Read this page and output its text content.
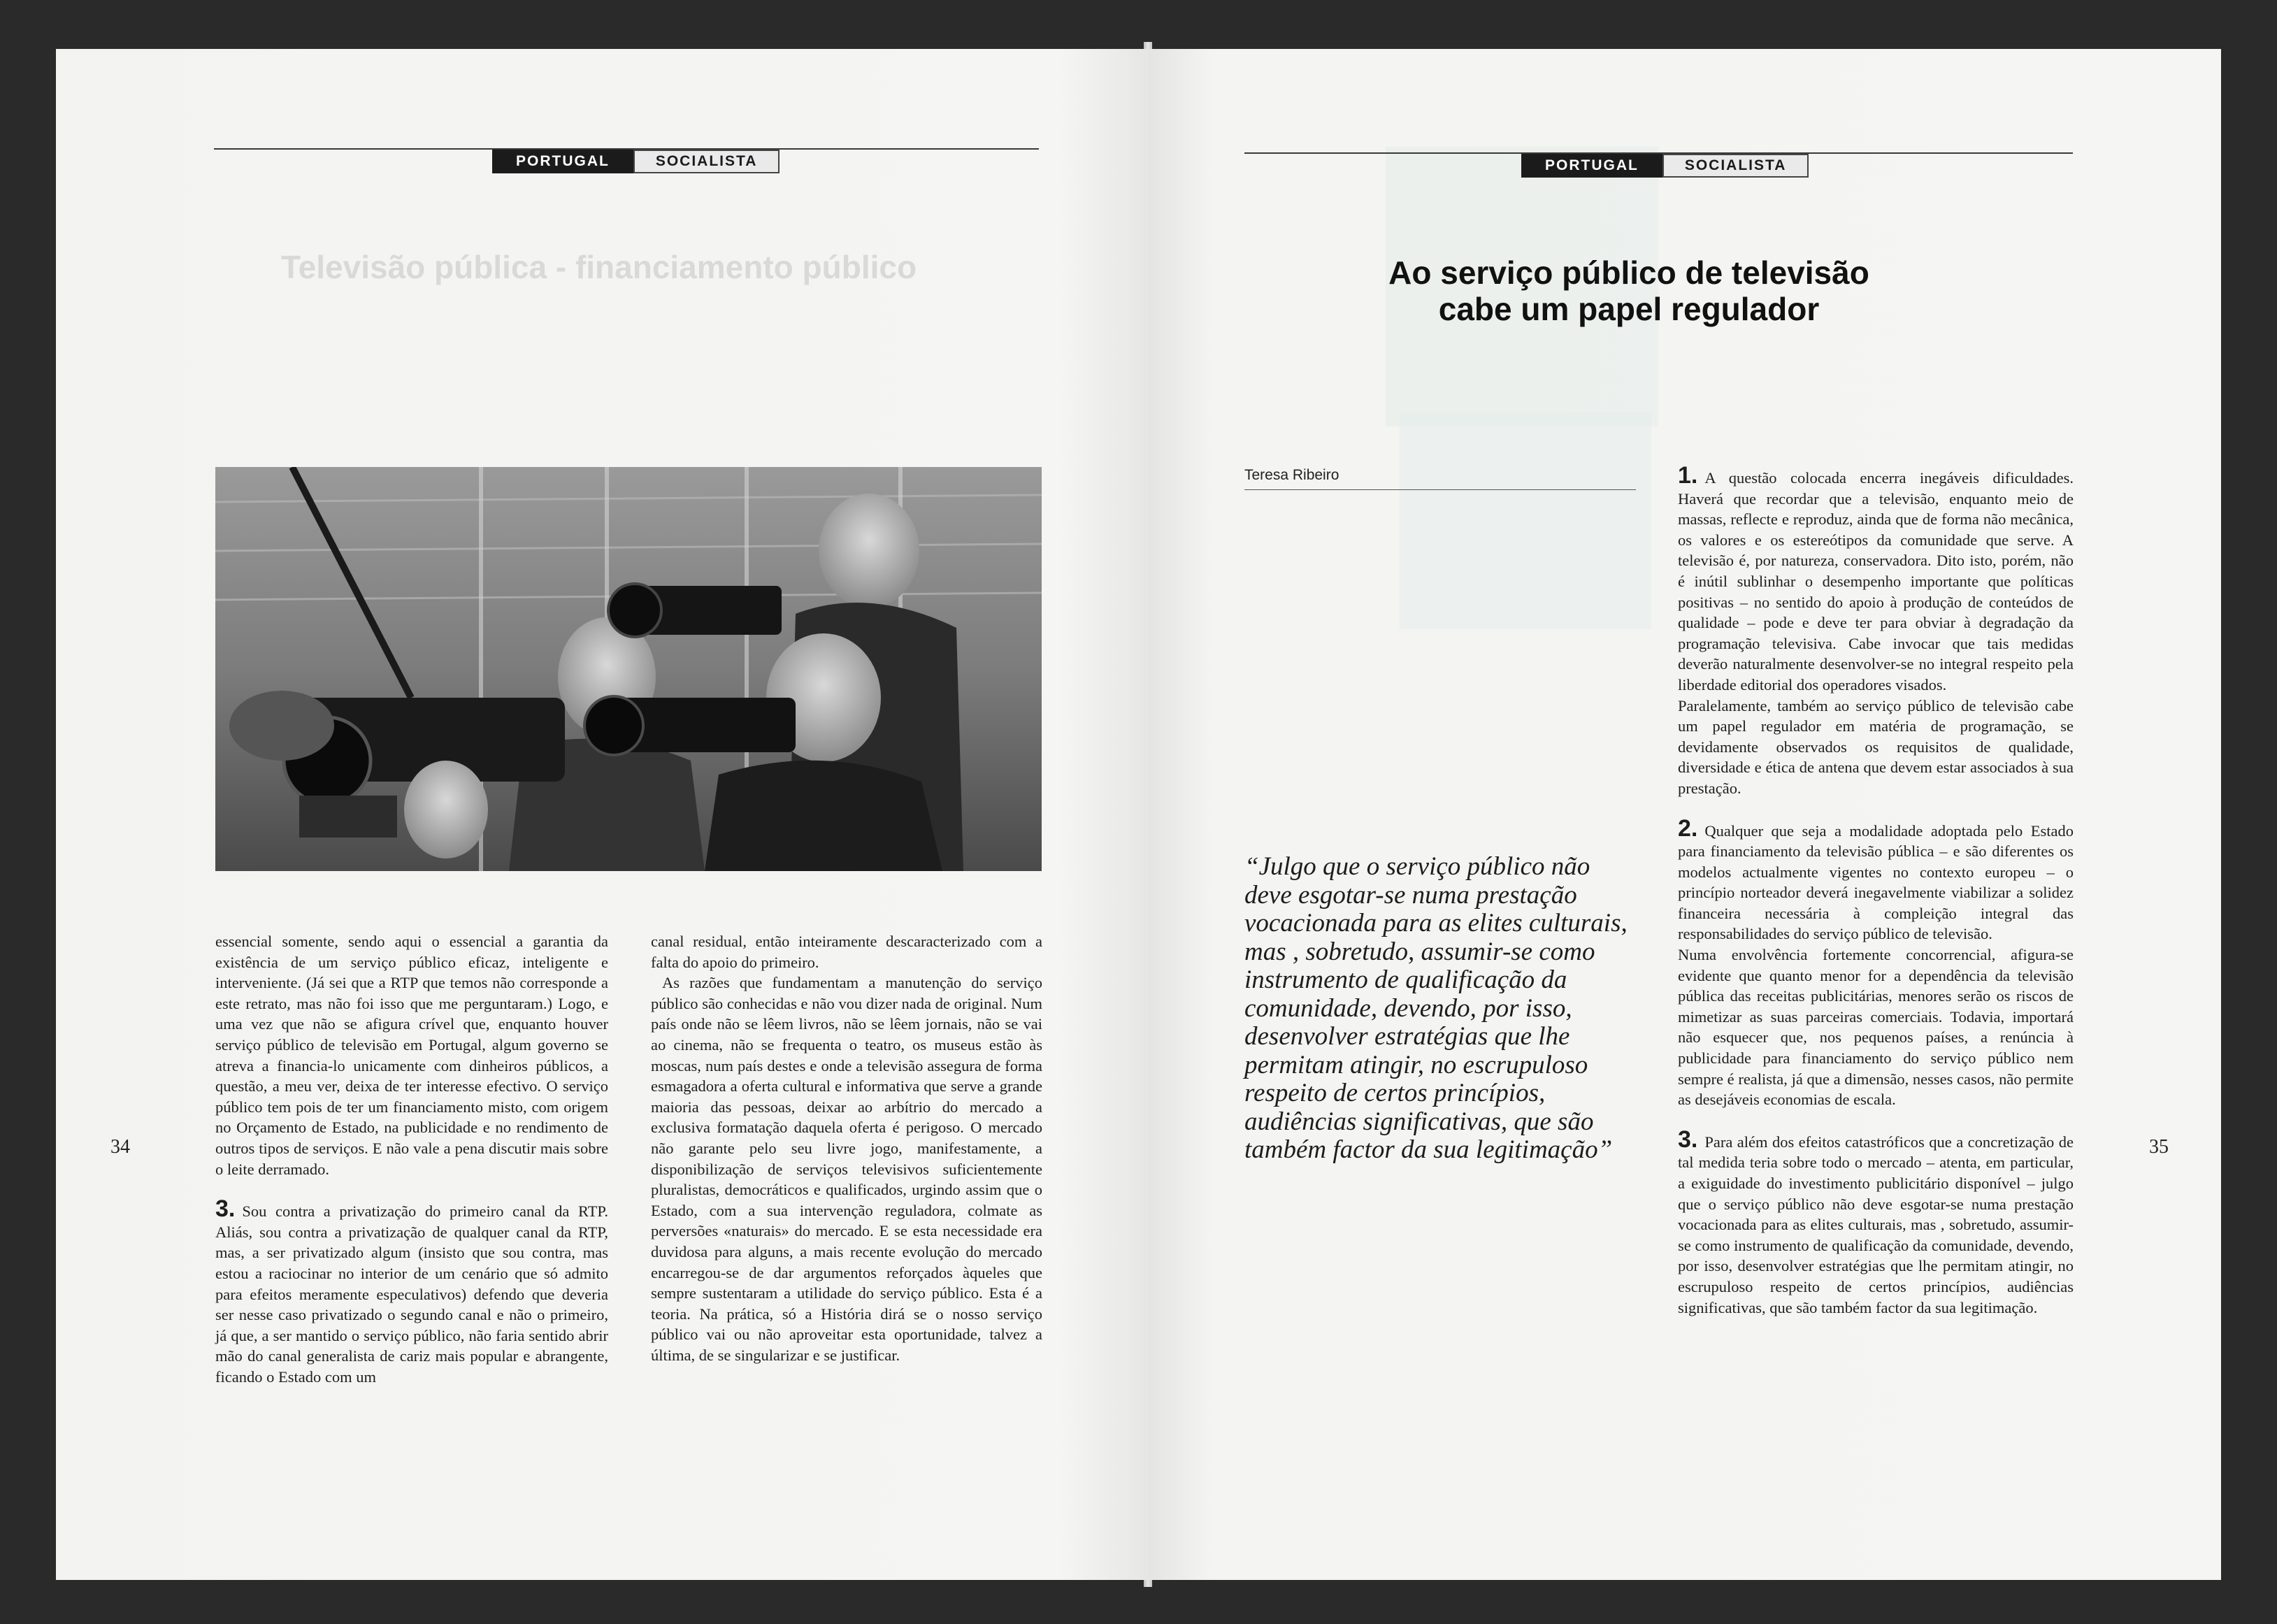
PORTUGAL	SOCIALISTA
Televisão pública - financiamento público

essencial somente, sendo aqui o essencial a garantia da existência de um serviço público eficaz, inteligente e interveniente. (Já sei que a RTP que temos não corresponde a este retrato, mas não foi isso que me perguntaram.) Logo, e uma vez que não se afigura crível que, enquanto houver serviço público de televisão em Portugal, algum governo se atreva a financia-lo unicamente com dinheiros públicos, a questão, a meu ver, deixa de ter interesse efectivo. O serviço público tem pois de ter um financiamento misto, com origem no Orçamento de Estado, na publicidade e no rendimento de outros tipos de serviços. E não vale a pena discutir mais sobre o leite derramado.

3. Sou contra a privatização do primeiro canal da RTP. Aliás, sou contra a privatização de qualquer canal da RTP, mas, a ser privatizado algum (insisto que sou contra, mas estou a raciocinar no interior de um cenário que só admito para efeitos meramente especulativos) defendo que deveria ser nesse caso privatizado o segundo canal e não o primeiro, já que, a ser mantido o serviço público, não faria sentido abrir mão do canal generalista de cariz mais popular e abrangente, ficando o Estado com um

canal residual, então inteiramente descaracterizado com a falta do apoio do primeiro.

As razões que fundamentam a manutenção do serviço público são conhecidas e não vou dizer nada de original. Num país onde não se lêem livros, não se lêem jornais, não se vai ao cinema, não se frequenta o teatro, os museus estão às moscas, num país destes e onde a televisão assegura de forma esmagadora a oferta cultural e informativa que serve a grande maioria das pessoas, deixar ao arbítrio do mercado a exclusiva formatação daquela oferta é perigoso. O mercado não garante pelo seu livre jogo, manifestamente, a disponibilização de serviços televisivos suficientemente pluralistas, democráticos e qualificados, urgindo assim que o Estado, com a sua intervenção reguladora, colmate as perversões «naturais» do mercado. E se esta necessidade era duvidosa para alguns, a mais recente evolução do mercado encarregou-se de dar argumentos reforçados àqueles que sempre sustentaram a utilidade do serviço público. Esta é a teoria. Na prática, só a História dirá se o nosso serviço público vai ou não aproveitar esta oportunidade, talvez a última, de se singularizar e se justificar.

34
PORTUGAL	SOCIALISTA
Ao serviço público de televisão
cabe um papel regulador
Teresa Ribeiro
“Julgo que o serviço público não deve esgotar-se numa prestação vocacionada para as elites culturais, mas , sobretudo, assumir-se como instrumento de qualificação da comunidade, devendo, por isso, desenvolver estratégias que lhe permitam atingir, no escrupuloso respeito de certos princípios, audiências significativas, que são também factor da sua legitimação”

1. A questão colocada encerra inegáveis dificuldades. Haverá que recordar que a televisão, enquanto meio de massas, reflecte e reproduz, ainda que de forma não mecânica, os valores e os estereótipos da comunidade que serve. A televisão é, por natureza, conservadora. Dito isto, porém, não é inútil sublinhar o desempenho importante que políticas positivas – no sentido do apoio à produção de conteúdos de qualidade – pode e deve ter para obviar à degradação da programação televisiva. Cabe invocar que tais medidas deverão naturalmente desenvolver-se no integral respeito pela liberdade editorial dos operadores visados.

Paralelamente, também ao serviço público de televisão cabe um papel regulador em matéria de programação, se devidamente observados os requisitos de qualidade, diversidade e ética de antena que devem estar associados à sua prestação.

2. Qualquer que seja a modalidade adoptada pelo Estado para financiamento da televisão pública – e são diferentes os modelos actualmente vigentes no contexto europeu – o princípio norteador deverá inegavelmente viabilizar a solidez financeira necessária à compleição integral das responsabilidades do serviço público de televisão.

Numa envolvência fortemente concorrencial, afigura-se evidente que quanto menor for a dependência da televisão pública das receitas publicitárias, menores serão os riscos de mimetizar as suas parceiras comerciais. Todavia, importará não esquecer que, nos pequenos países, a renúncia à publicidade para financiamento do serviço público nem sempre é realista, já que a dimensão, nesses casos, não permite as desejáveis economias de escala.

3. Para além dos efeitos catastróficos que a concretização de tal medida teria sobre todo o mercado – atenta, em particular, a exiguidade do investimento publicitário disponível – julgo que o serviço público não deve esgotar-se numa prestação vocacionada para as elites culturais, mas , sobretudo, assumir-se como instrumento de qualificação da comunidade, devendo, por isso, desenvolver estratégias que lhe permitam atingir, no escrupuloso respeito de certos princípios, audiências significativas, que são também factor da sua legitimação.

35
